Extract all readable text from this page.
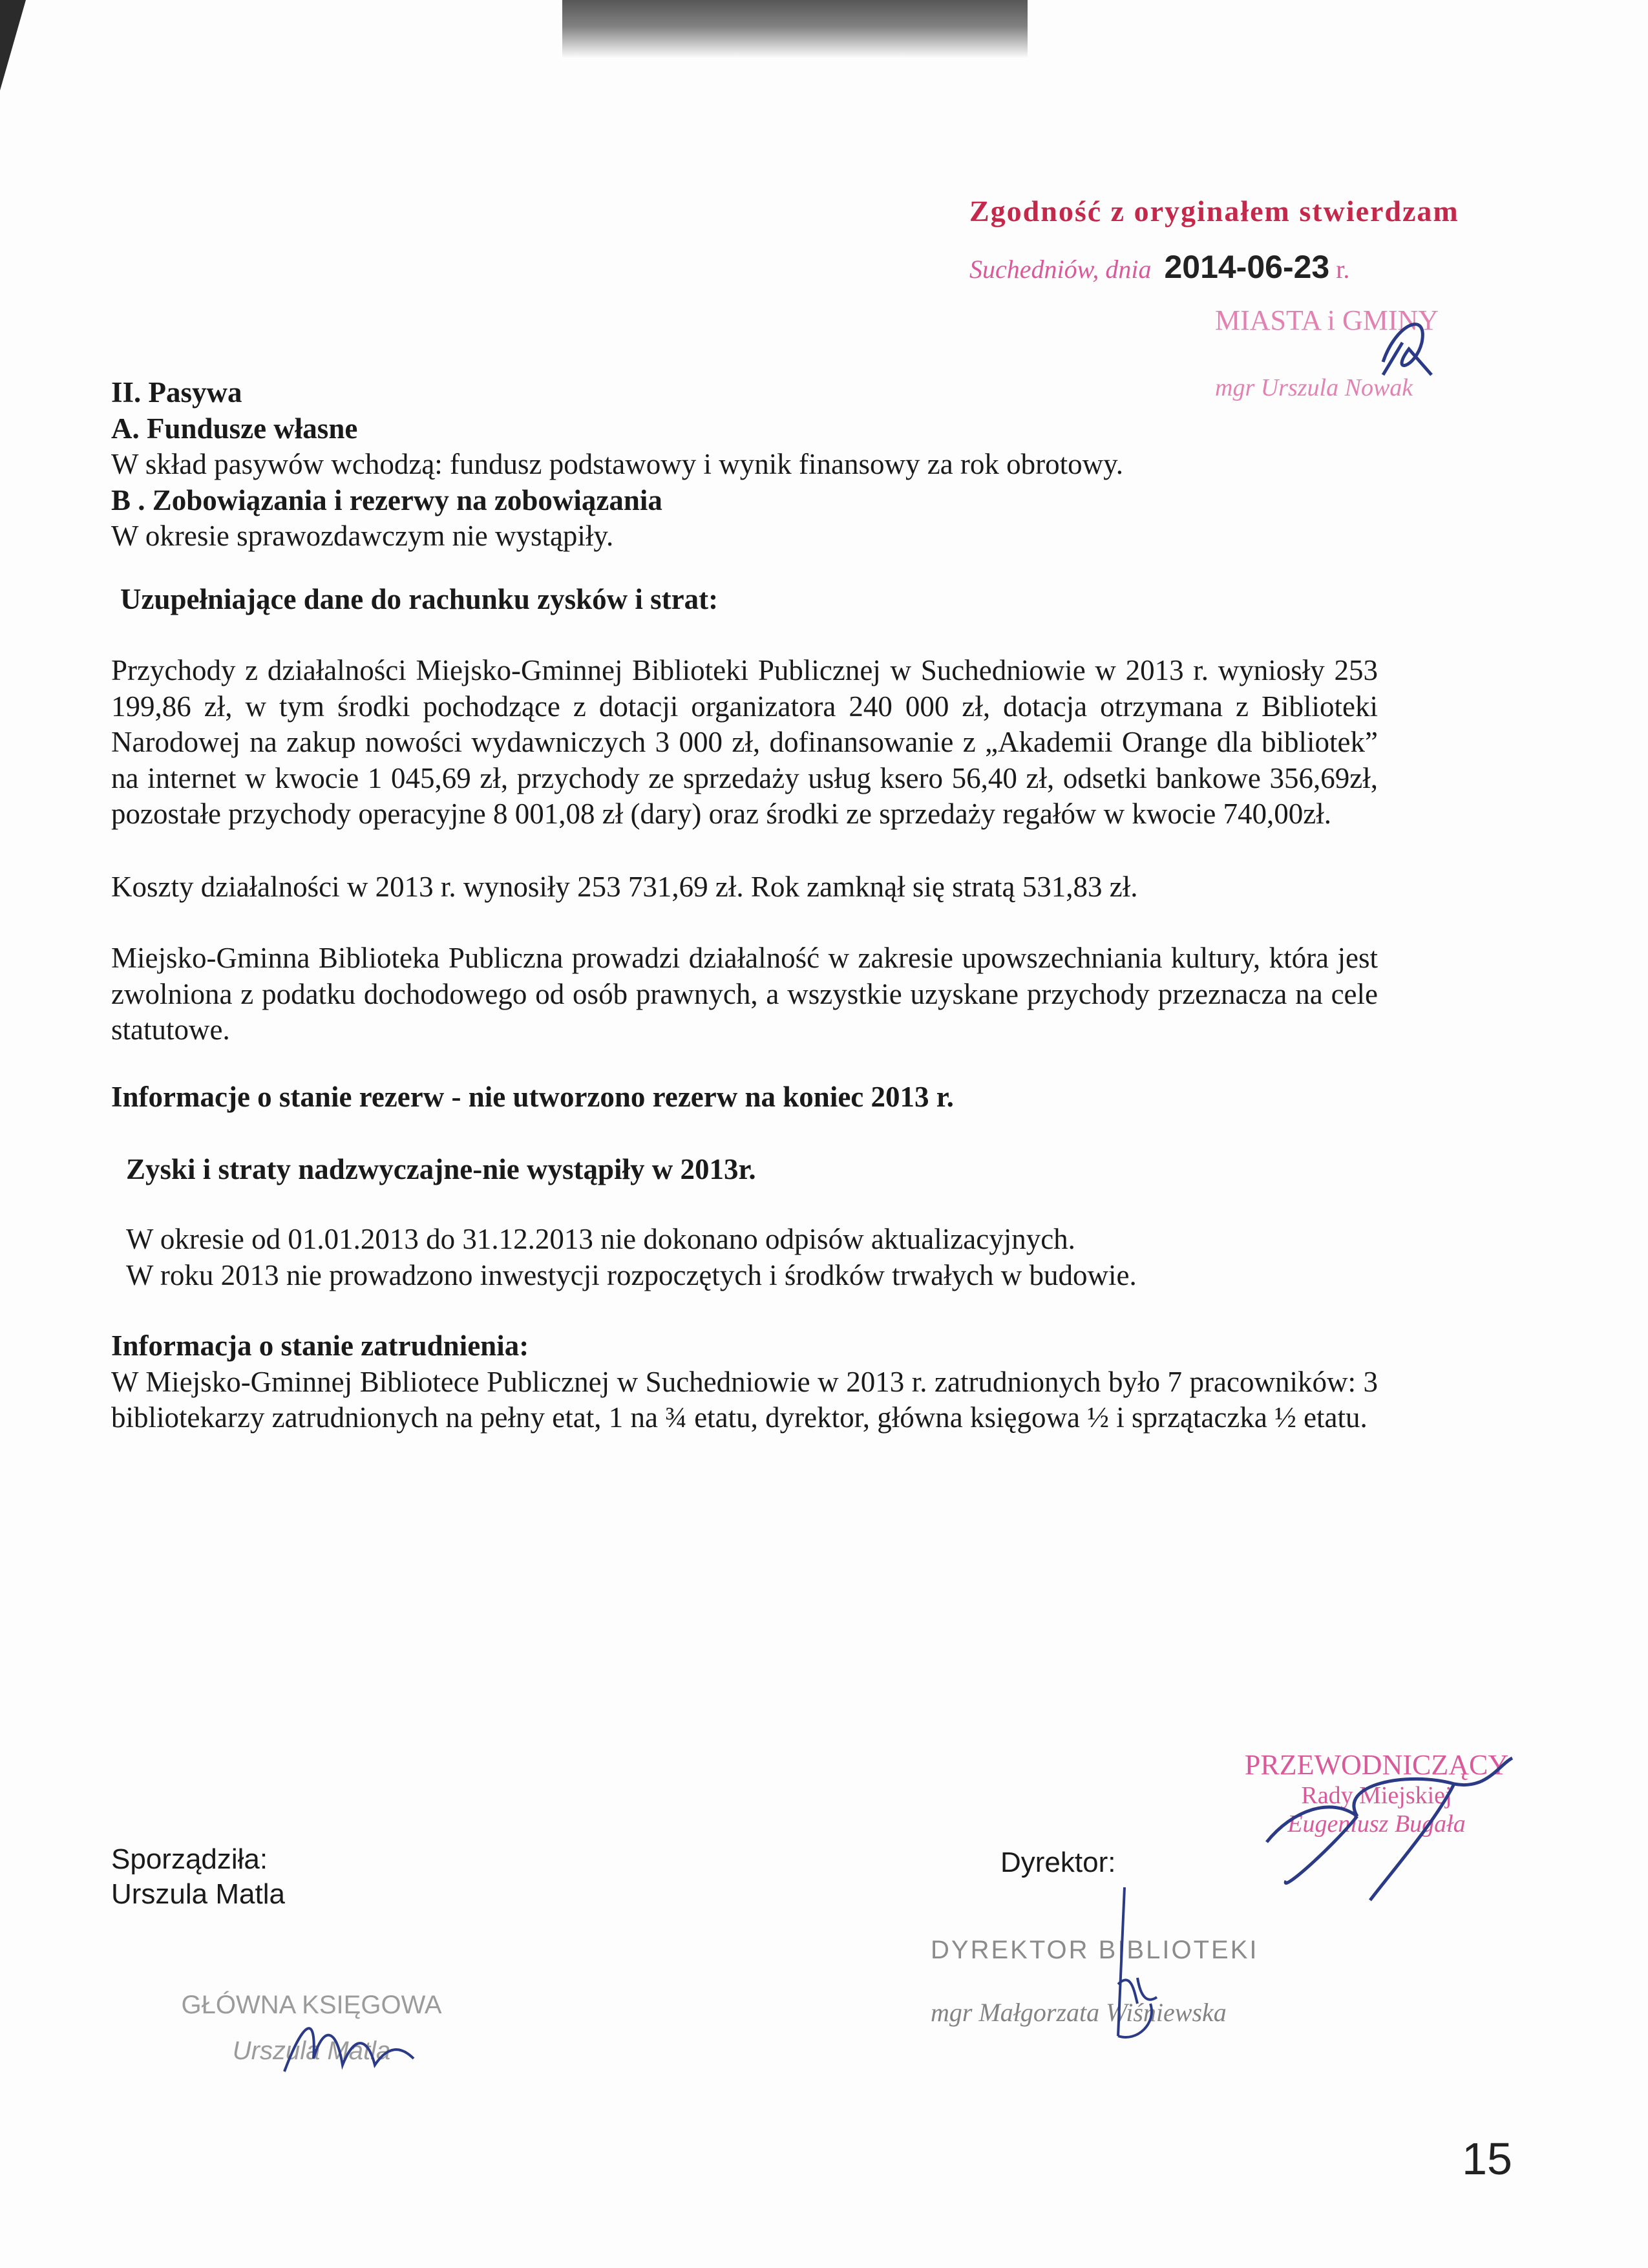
Zgodność z oryginałem stwierdzam
Suchedniów, dnia 2014-06-23 r.
MIASTA i GMINY
mgr Urszula Nowak

II. Pasywa

A. Fundusze własne

W skład pasywów wchodzą: fundusz podstawowy i wynik finansowy za rok obrotowy.

B . Zobowiązania i rezerwy na zobowiązania

W okresie sprawozdawczym nie wystąpiły.

Uzupełniające dane do rachunku zysków i strat:

Przychody z działalności Miejsko-Gminnej Biblioteki Publicznej w Suchedniowie w 2013 r. wyniosły 253 199,86 zł, w tym środki pochodzące z dotacji organizatora 240 000 zł, dotacja otrzymana z Biblioteki Narodowej na zakup nowości wydawniczych 3 000 zł, dofinansowanie z „Akademii Orange dla bibliotek” na internet w kwocie 1 045,69 zł, przychody ze sprzedaży usług ksero 56,40 zł, odsetki bankowe 356,69zł, pozostałe przychody operacyjne 8 001,08 zł (dary) oraz środki ze sprzedaży regałów w kwocie 740,00zł.
Koszty działalności w 2013 r. wynosiły 253 731,69 zł. Rok zamknął się stratą 531,83 zł.
Miejsko-Gminna Biblioteka Publiczna prowadzi działalność w zakresie upowszechniania kultury, która jest zwolniona z podatku dochodowego od osób prawnych, a wszystkie uzyskane przychody przeznacza na cele statutowe.

Informacje o stanie rezerw - nie utworzono rezerw na koniec 2013 r.

Zyski i straty nadzwyczajne-nie wystąpiły w 2013r.

W okresie od 01.01.2013 do 31.12.2013 nie dokonano odpisów aktualizacyjnych.

W roku 2013 nie prowadzono inwestycji rozpoczętych i środków trwałych w budowie.

Informacja o stanie zatrudnienia:

W Miejsko-Gminnej Bibliotece Publicznej w Suchedniowie w 2013 r. zatrudnionych było 7 pracowników: 3 bibliotekarzy zatrudnionych na pełny etat, 1 na ¾ etatu, dyrektor, główna księgowa ½ i sprzątaczka ½ etatu.

Sporządziła:
Urszula Matla
Dyrektor:
PRZEWODNICZĄCY
Rady Miejskiej
Eugeniusz Bugała
GŁÓWNA KSIĘGOWA
Urszula Matla
DYREKTOR BIBLIOTEKI
mgr Małgorzata Wiśniewska
15
